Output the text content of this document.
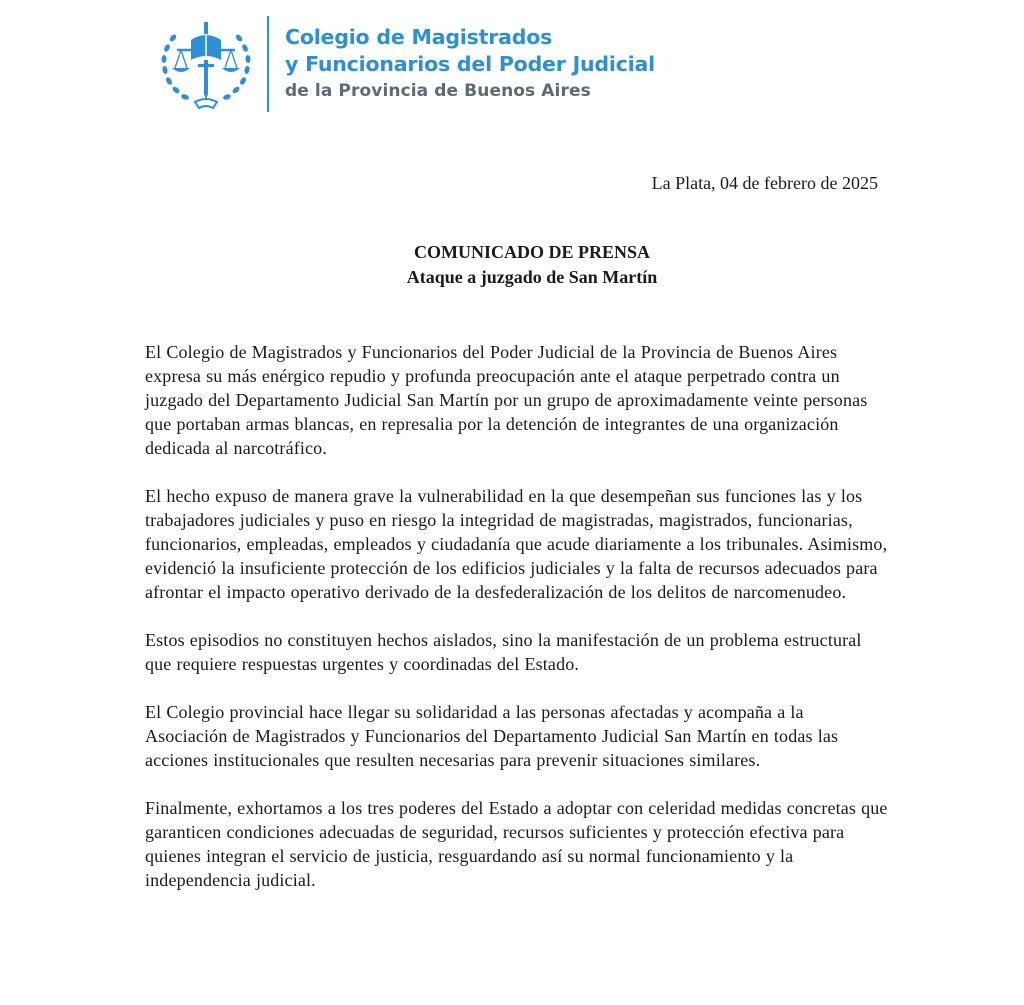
Colegio de Magistrados
y Funcionarios del Poder Judicial
de la Provincia de Buenos Aires
La Plata, 04 de febrero de 2025
COMUNICADO DE PRENSA
Ataque a juzgado de San Martín

El Colegio de Magistrados y Funcionarios del Poder Judicial de la Provincia de Buenos Aires expresa su más enérgico repudio y profunda preocupación ante el ataque perpetrado contra un juzgado del Departamento Judicial San Martín por un grupo de aproximadamente veinte personas que portaban armas blancas, en represalia por la detención de integrantes de una organización dedicada al narcotráfico.

El hecho expuso de manera grave la vulnerabilidad en la que desempeñan sus funciones las y los trabajadores judiciales y puso en riesgo la integridad de magistradas, magistrados, funcionarias, funcionarios, empleadas, empleados y ciudadanía que acude diariamente a los tribunales. Asimismo, evidenció la insuficiente protección de los edificios judiciales y la falta de recursos adecuados para afrontar el impacto operativo derivado de la desfederalización de los delitos de narcomenudeo.

Estos episodios no constituyen hechos aislados, sino la manifestación de un problema estructural que requiere respuestas urgentes y coordinadas del Estado.

El Colegio provincial hace llegar su solidaridad a las personas afectadas y acompaña a la Asociación de Magistrados y Funcionarios del Departamento Judicial San Martín en todas las acciones institucionales que resulten necesarias para prevenir situaciones similares.

Finalmente, exhortamos a los tres poderes del Estado a adoptar con celeridad medidas concretas que garanticen condiciones adecuadas de seguridad, recursos suficientes y protección efectiva para quienes integran el servicio de justicia, resguardando así su normal funcionamiento y la independencia judicial.
